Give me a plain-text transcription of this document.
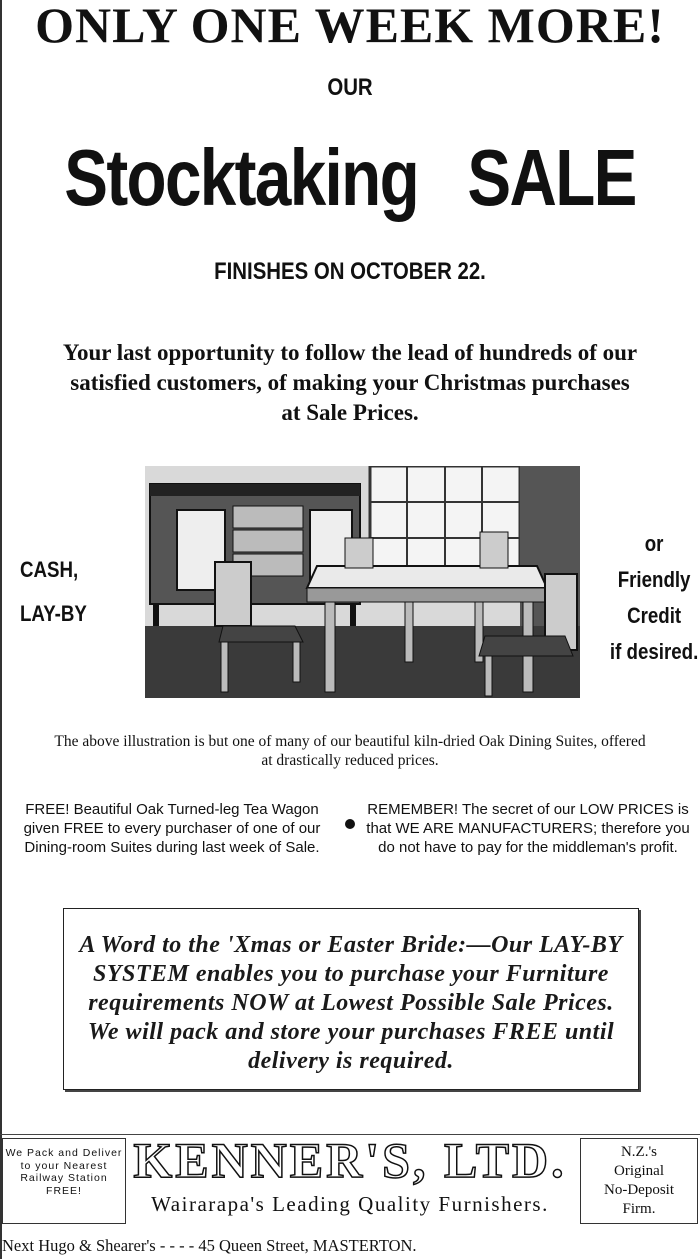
ONLY ONE WEEK MORE!
OUR
Stocktaking SALE
FINISHES ON OCTOBER 22.
Your last opportunity to follow the lead of hundreds of our satisfied customers, of making your Christmas purchases at Sale Prices.
CASH,
LAY-BY
or
Friendly
Credit
if desired.
The above illustration is but one of many of our beautiful kiln-dried Oak Dining Suites, offered at drastically reduced prices.
FREE! Beautiful Oak Turned-leg Tea Wagon given FREE to every purchaser of one of our Dining-room Suites during last week of Sale.
REMEMBER! The secret of our LOW PRICES is that WE ARE MANUFACTURERS; therefore you do not have to pay for the middleman's profit.
A Word to the 'Xmas or Easter Bride:—Our LAY-BY SYSTEM enables you to purchase your Furniture requirements NOW at Lowest Possible Sale Prices. We will pack and store your purchases FREE until delivery is required.
We Pack and Deliver to your Nearest Railway Station FREE!
KENNER'S, LTD.
Wairarapa's Leading Quality Furnishers.
N.Z.'s
Original
No-Deposit
Firm.
Next Hugo & Shearer's - - - - 45 Queen Street, MASTERTON.
